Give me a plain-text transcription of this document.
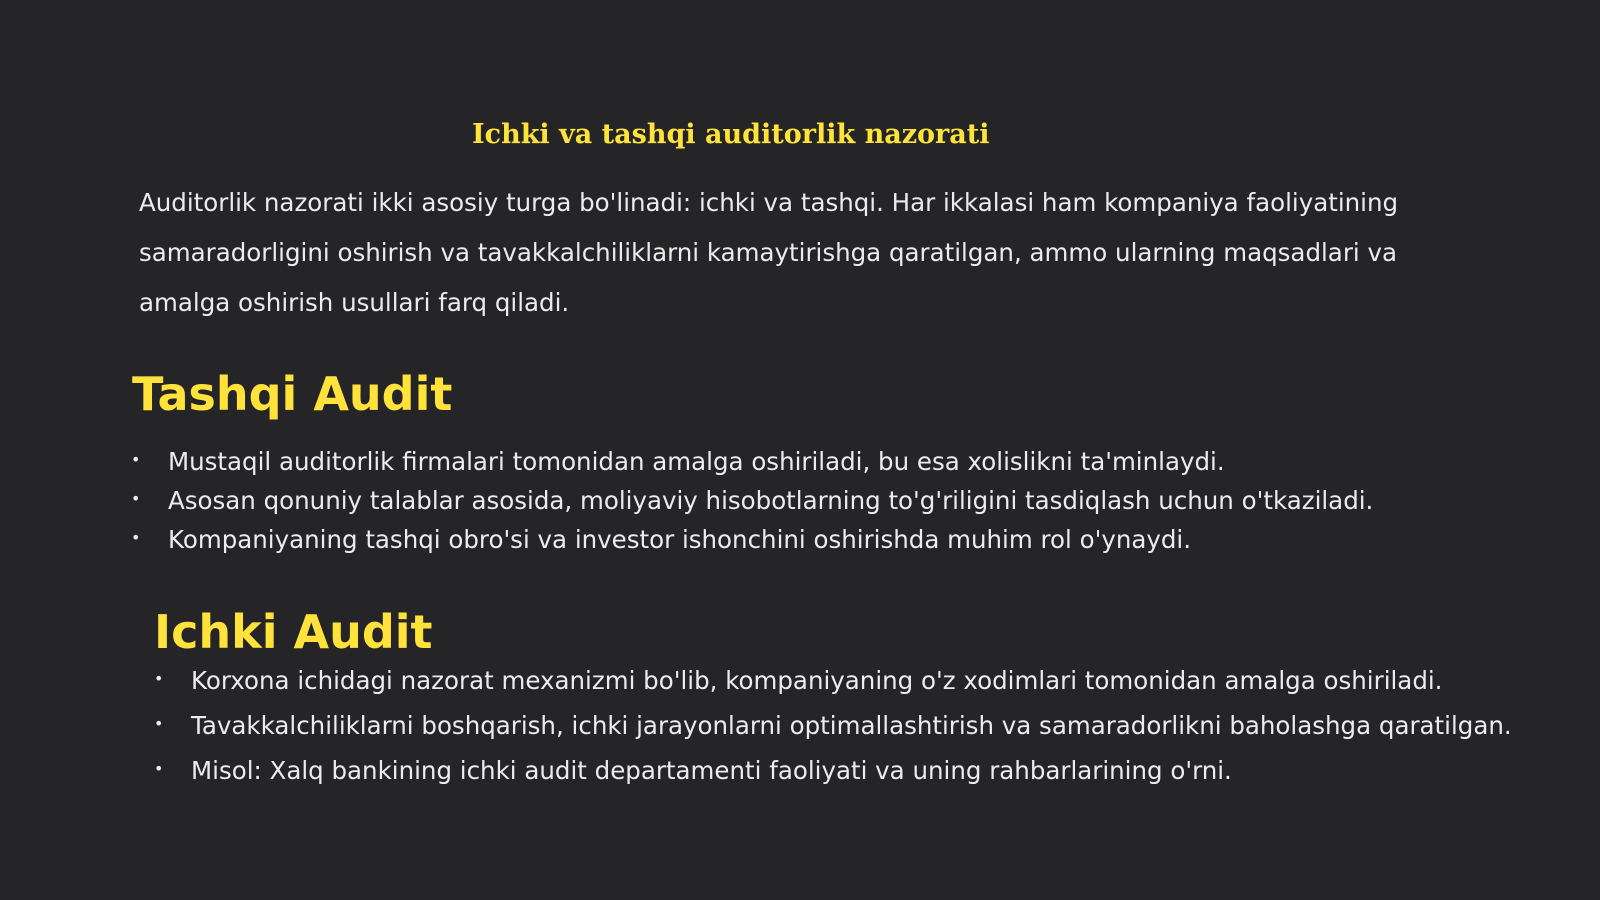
Ichki va tashqi auditorlik nazorati

Auditorlik nazorati ikki asosiy turga bo'linadi: ichki va tashqi. Har ikkalasi ham kompaniya faoliyatining samaradorligini oshirish va tavakkalchiliklarni kamaytirishga qaratilgan, ammo ularning maqsadlari va amalga oshirish usullari farq qiladi.

Tashqi Audit
• Mustaqil auditorlik firmalari tomonidan amalga oshiriladi, bu esa xolislikni ta'minlaydi.
• Asosan qonuniy talablar asosida, moliyaviy hisobotlarning to'g'riligini tasdiqlash uchun o'tkaziladi.
• Kompaniyaning tashqi obro'si va investor ishonchini oshirishda muhim rol o'ynaydi.
Ichki Audit
• Korxona ichidagi nazorat mexanizmi bo'lib, kompaniyaning o'z xodimlari tomonidan amalga oshiriladi.
• Tavakkalchiliklarni boshqarish, ichki jarayonlarni optimallashtirish va samaradorlikni baholashga qaratilgan.
• Misol: Xalq bankining ichki audit departamenti faoliyati va uning rahbarlarining o'rni.
